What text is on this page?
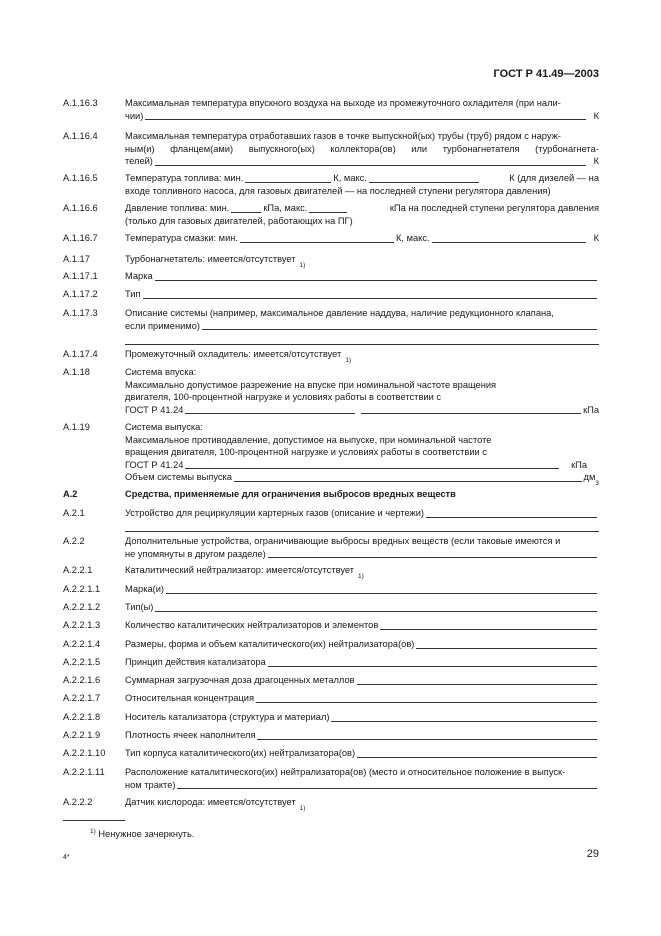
ГОСТ Р 41.49—2003
A.1.16.3	Максимальная температура впускного воздуха на выходе из промежуточного охладителя (при нали-
чии)	К
A.1.16.4	Максимальная температура отработавших газов в точке выпускной(ых) трубы (труб) рядом с наруж-
ным(и) фланцем(ами) выпускного(ых) коллектора(ов) или турбонагнетателя (турбонагнета-
телей)	К
A.1.16.5	Температура топлива: мин.	К, макс.	К (для дизелей — на
входе топливного насоса, для газовых двигателей — на последней ступени регулятора давления)
A.1.16.6	Давление топлива: мин.	кПа, макс.	кПа на последней ступени регулятора давления
(только для газовых двигателей, работающих на ПГ)
A.1.16.7	Температура смазки: мин.	К, макс.	К
A.1.17	Турбонагнетатель: имеется/отсутствует
1)
A.1.17.1	Марка
A.1.17.2	Тип
A.1.17.3	Описание системы (например, максимальное давление наддува, наличие редукционного клапана,
если применимо)
A.1.17.4	Промежуточный охладитель: имеется/отсутствует
1)
A.1.18	Система впуска:
Максимально допустимое разрежение на впуске при номинальной частоте вращения
двигателя, 100-процентной нагрузке и условиях работы в соответствии с
ГОСТ Р 41.24	кПа
A.1.19	Система выпуска:
Максимальное противодавление, допустимое на выпуске, при номинальной частоте
вращения двигателя, 100-процентной нагрузке и условиях работы в соответствии с
ГОСТ Р 41.24	кПа
Объем системы выпуска	дм
3
A.2	Средства, применяемые для ограничения выбросов вредных веществ
A.2.1	Устройство для рециркуляции картерных газов (описание и чертежи)
A.2.2	Дополнительные устройства, ограничивающие выбросы вредных веществ (если таковые имеются и
не упомянуты в другом разделе)
A.2.2.1	Каталитический нейтрализатор: имеется/отсутствует
1)
A.2.2.1.1	Марка(и)
A.2.2.1.2	Тип(ы)
A.2.2.1.3	Количество каталитических нейтрализаторов и элементов
A.2.2.1.4	Размеры, форма и объем каталитического(их) нейтрализатора(ов)
A.2.2.1.5	Принцип действия катализатора
A.2.2.1.6	Суммарная загрузочная доза драгоценных металлов
A.2.2.1.7	Относительная концентрация
A.2.2.1.8	Носитель катализатора (структура и материал)
A.2.2.1.9	Плотность ячеек наполнителя
A.2.2.1.10	Тип корпуса каталитического(их) нейтрализатора(ов)
A.2.2.1.11	Расположение каталитического(их) нейтрализатора(ов) (место и относительное положение в выпуск-
ном тракте)
A.2.2.2	Датчик кислорода: имеется/отсутствует
1)
$^{1)}$ Ненужное зачеркнуть.
4*	29
